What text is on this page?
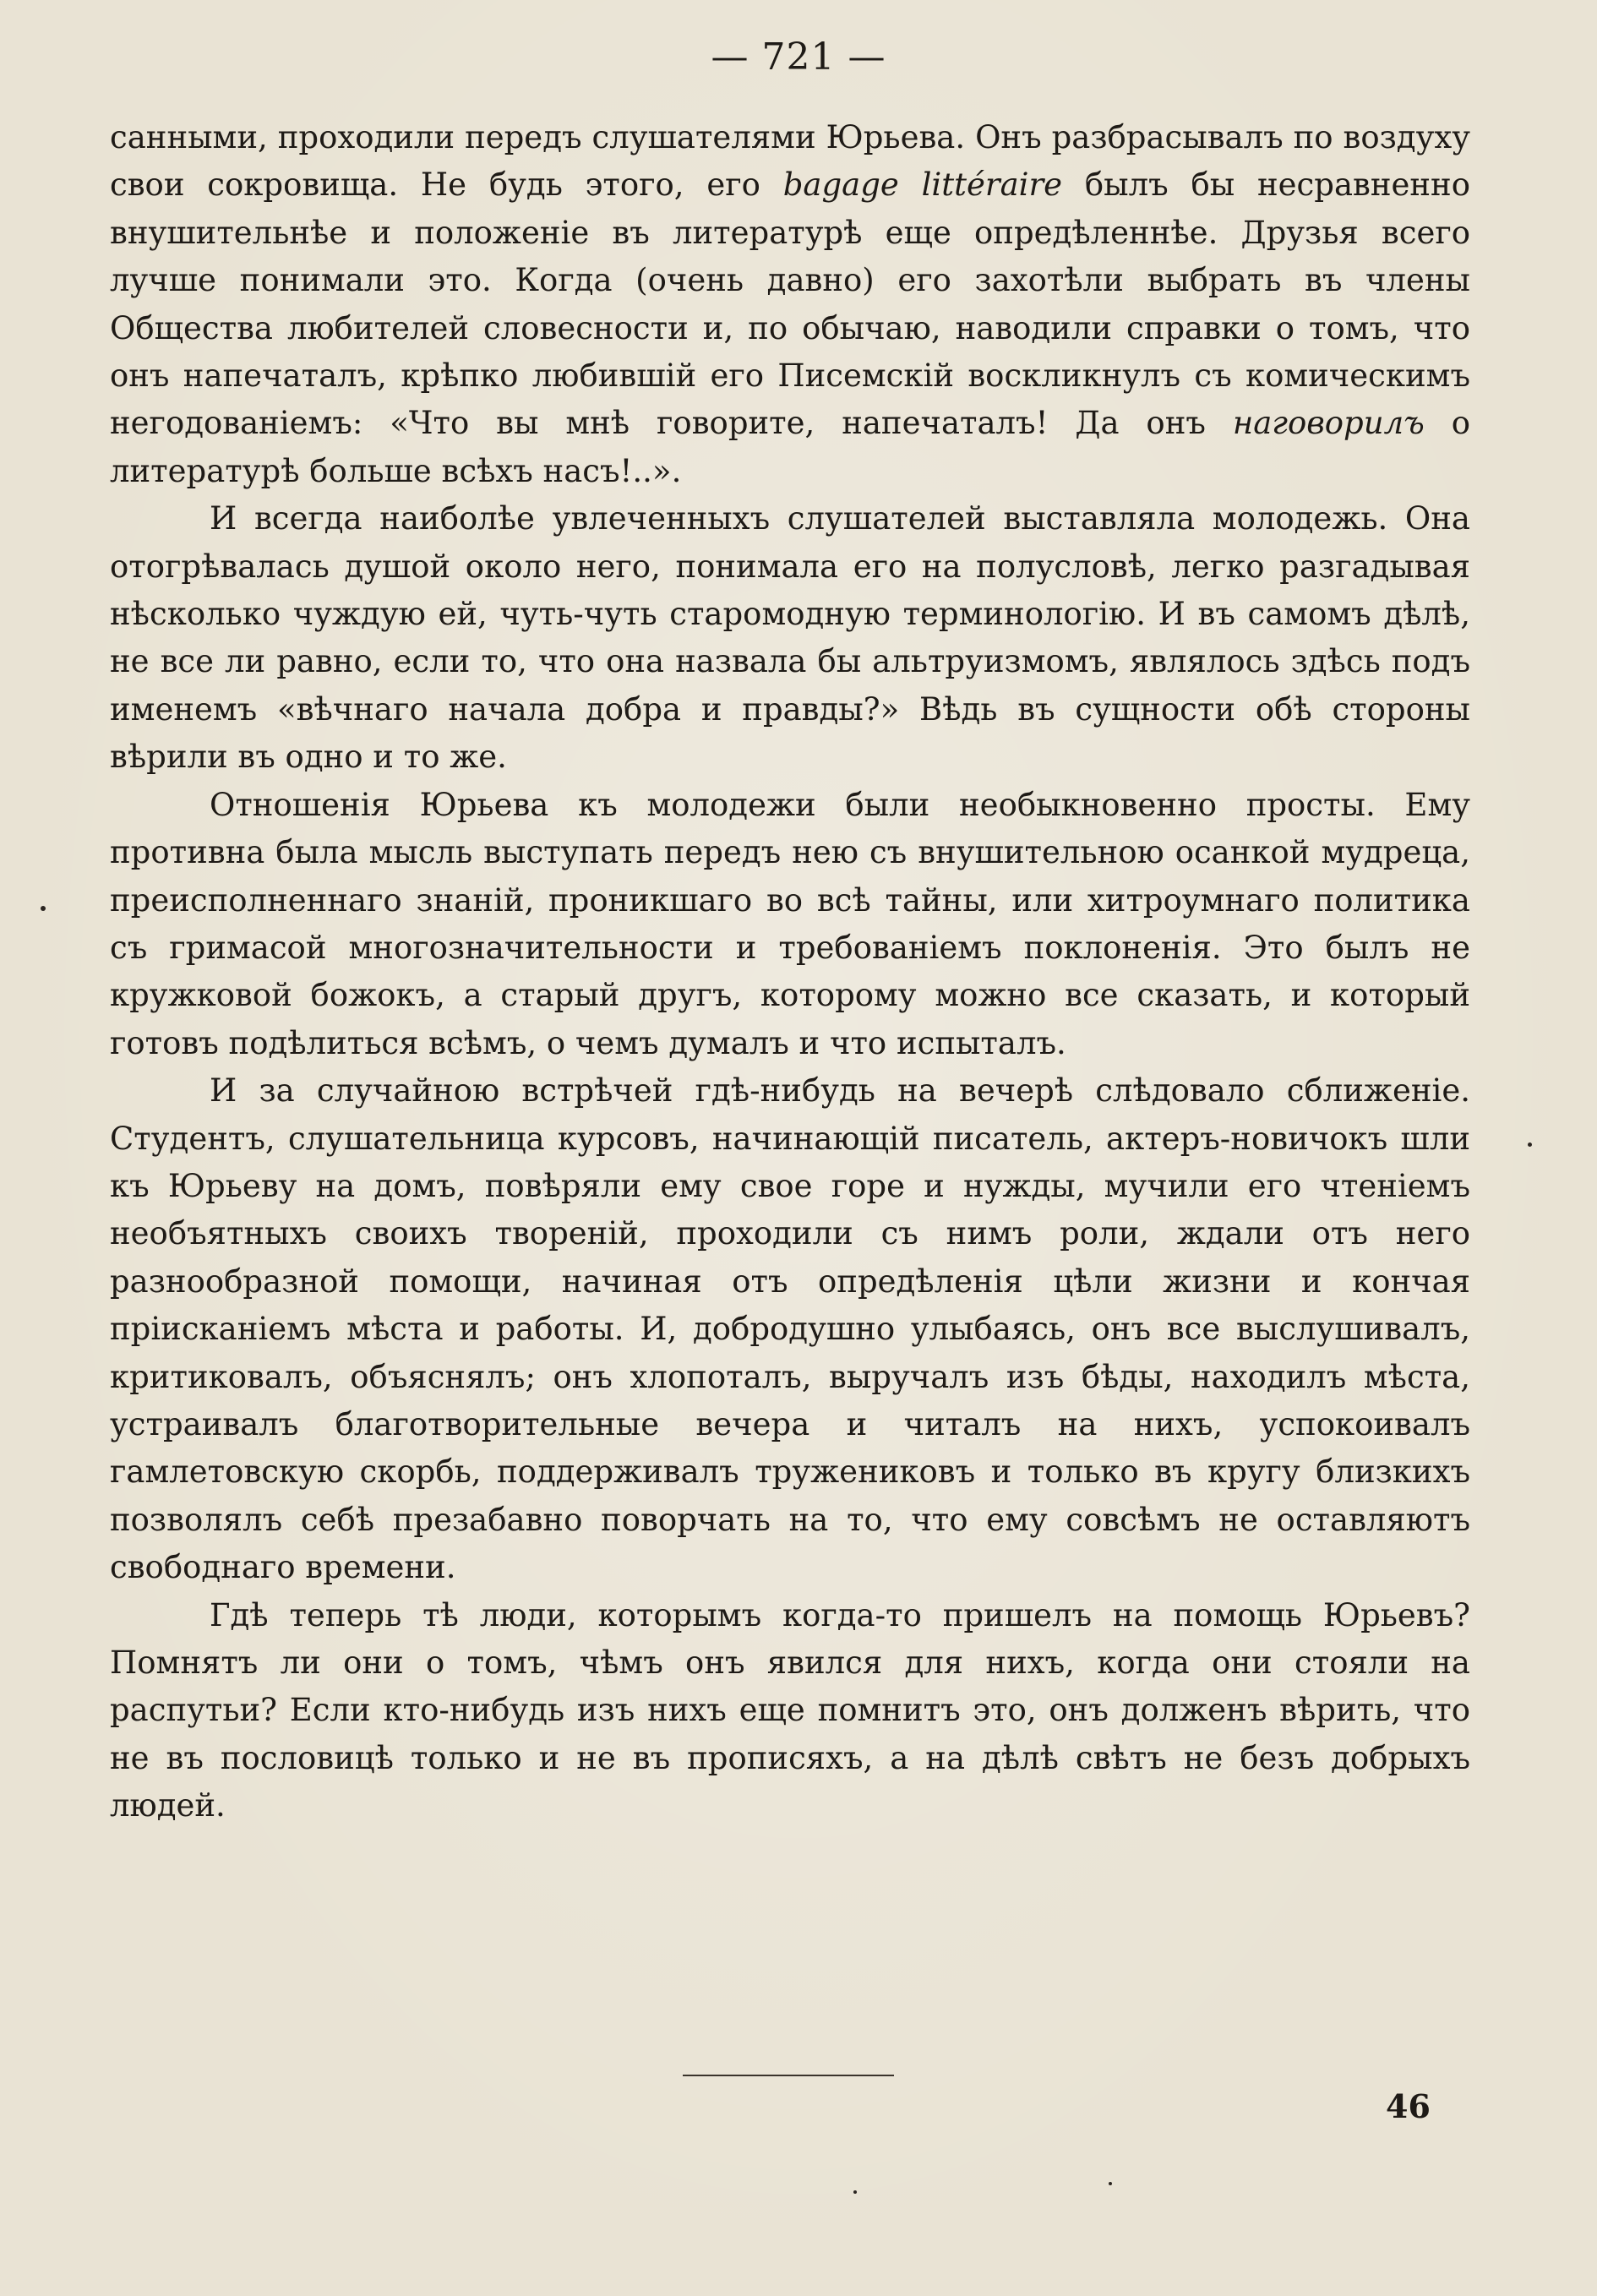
— 721 —

санными, проходили передъ слушателями Юрьева. Онъ разбрасывалъ по воздуху свои сокровища. Не будь этого, его bagage littéraire былъ бы несравненно внушительнѣе и положеніе въ литературѣ еще опредѣленнѣе. Друзья всего лучше понимали это. Когда (очень давно) его захотѣли выбрать въ члены Общества любителей словесности и, по обычаю, наводили справки о томъ, что онъ напечаталъ, крѣпко любившій его Писемскій воскликнулъ съ комическимъ негодованіемъ: «Что вы мнѣ говорите, напечаталъ! Да онъ наговорилъ о литературѣ больше всѣхъ насъ!..».

И всегда наиболѣе увлеченныхъ слушателей выставляла молодежь. Она отогрѣвалась душой около него, понимала его на полусловѣ, легко разгадывая нѣсколько чуждую ей, чуть-чуть старомодную терминологію. И въ самомъ дѣлѣ, не все ли равно, если то, что она назвала бы альтруизмомъ, являлось здѣсь подъ именемъ «вѣчнаго начала добра и правды?» Вѣдь въ сущности обѣ стороны вѣрили въ одно и то же.

Отношенія Юрьева къ молодежи были необыкновенно просты. Ему противна была мысль выступать передъ нею съ внушительною осанкой мудреца, преисполненнаго знаній, проникшаго во всѣ тайны, или хитроумнаго политика съ гримасой многозначительности и требованіемъ поклоненія. Это былъ не кружковой божокъ, а старый другъ, которому можно все сказать, и который готовъ подѣлиться всѣмъ, о чемъ думалъ и что испыталъ.

И за случайною встрѣчей гдѣ-нибудь на вечерѣ слѣдовало сближеніе. Студентъ, слушательница курсовъ, начинающій писатель, актеръ-новичокъ шли къ Юрьеву на домъ, повѣряли ему свое горе и нужды, мучили его чтеніемъ необъятныхъ своихъ твореній, проходили съ нимъ роли, ждали отъ него разнообразной помощи, начиная отъ опредѣленія цѣли жизни и кончая пріисканіемъ мѣста и работы. И, добродушно улыбаясь, онъ все выслушивалъ, критиковалъ, объяснялъ; онъ хлопоталъ, выручалъ изъ бѣды, находилъ мѣста, устраивалъ благотворительные вечера и читалъ на нихъ, успокоивалъ гамлетовскую скорбь, поддерживалъ тружениковъ и только въ кругу близкихъ позволялъ себѣ презабавно поворчать на то, что ему совсѣмъ не оставляютъ свободнаго времени.

Гдѣ теперь тѣ люди, которымъ когда-то пришелъ на помощь Юрьевъ? Помнятъ ли они о томъ, чѣмъ онъ явился для нихъ, когда они стояли на распутьи? Если кто-нибудь изъ нихъ еще помнитъ это, онъ долженъ вѣрить, что не въ пословицѣ только и не въ прописяхъ, а на дѣлѣ свѣтъ не безъ добрыхъ людей.

46
